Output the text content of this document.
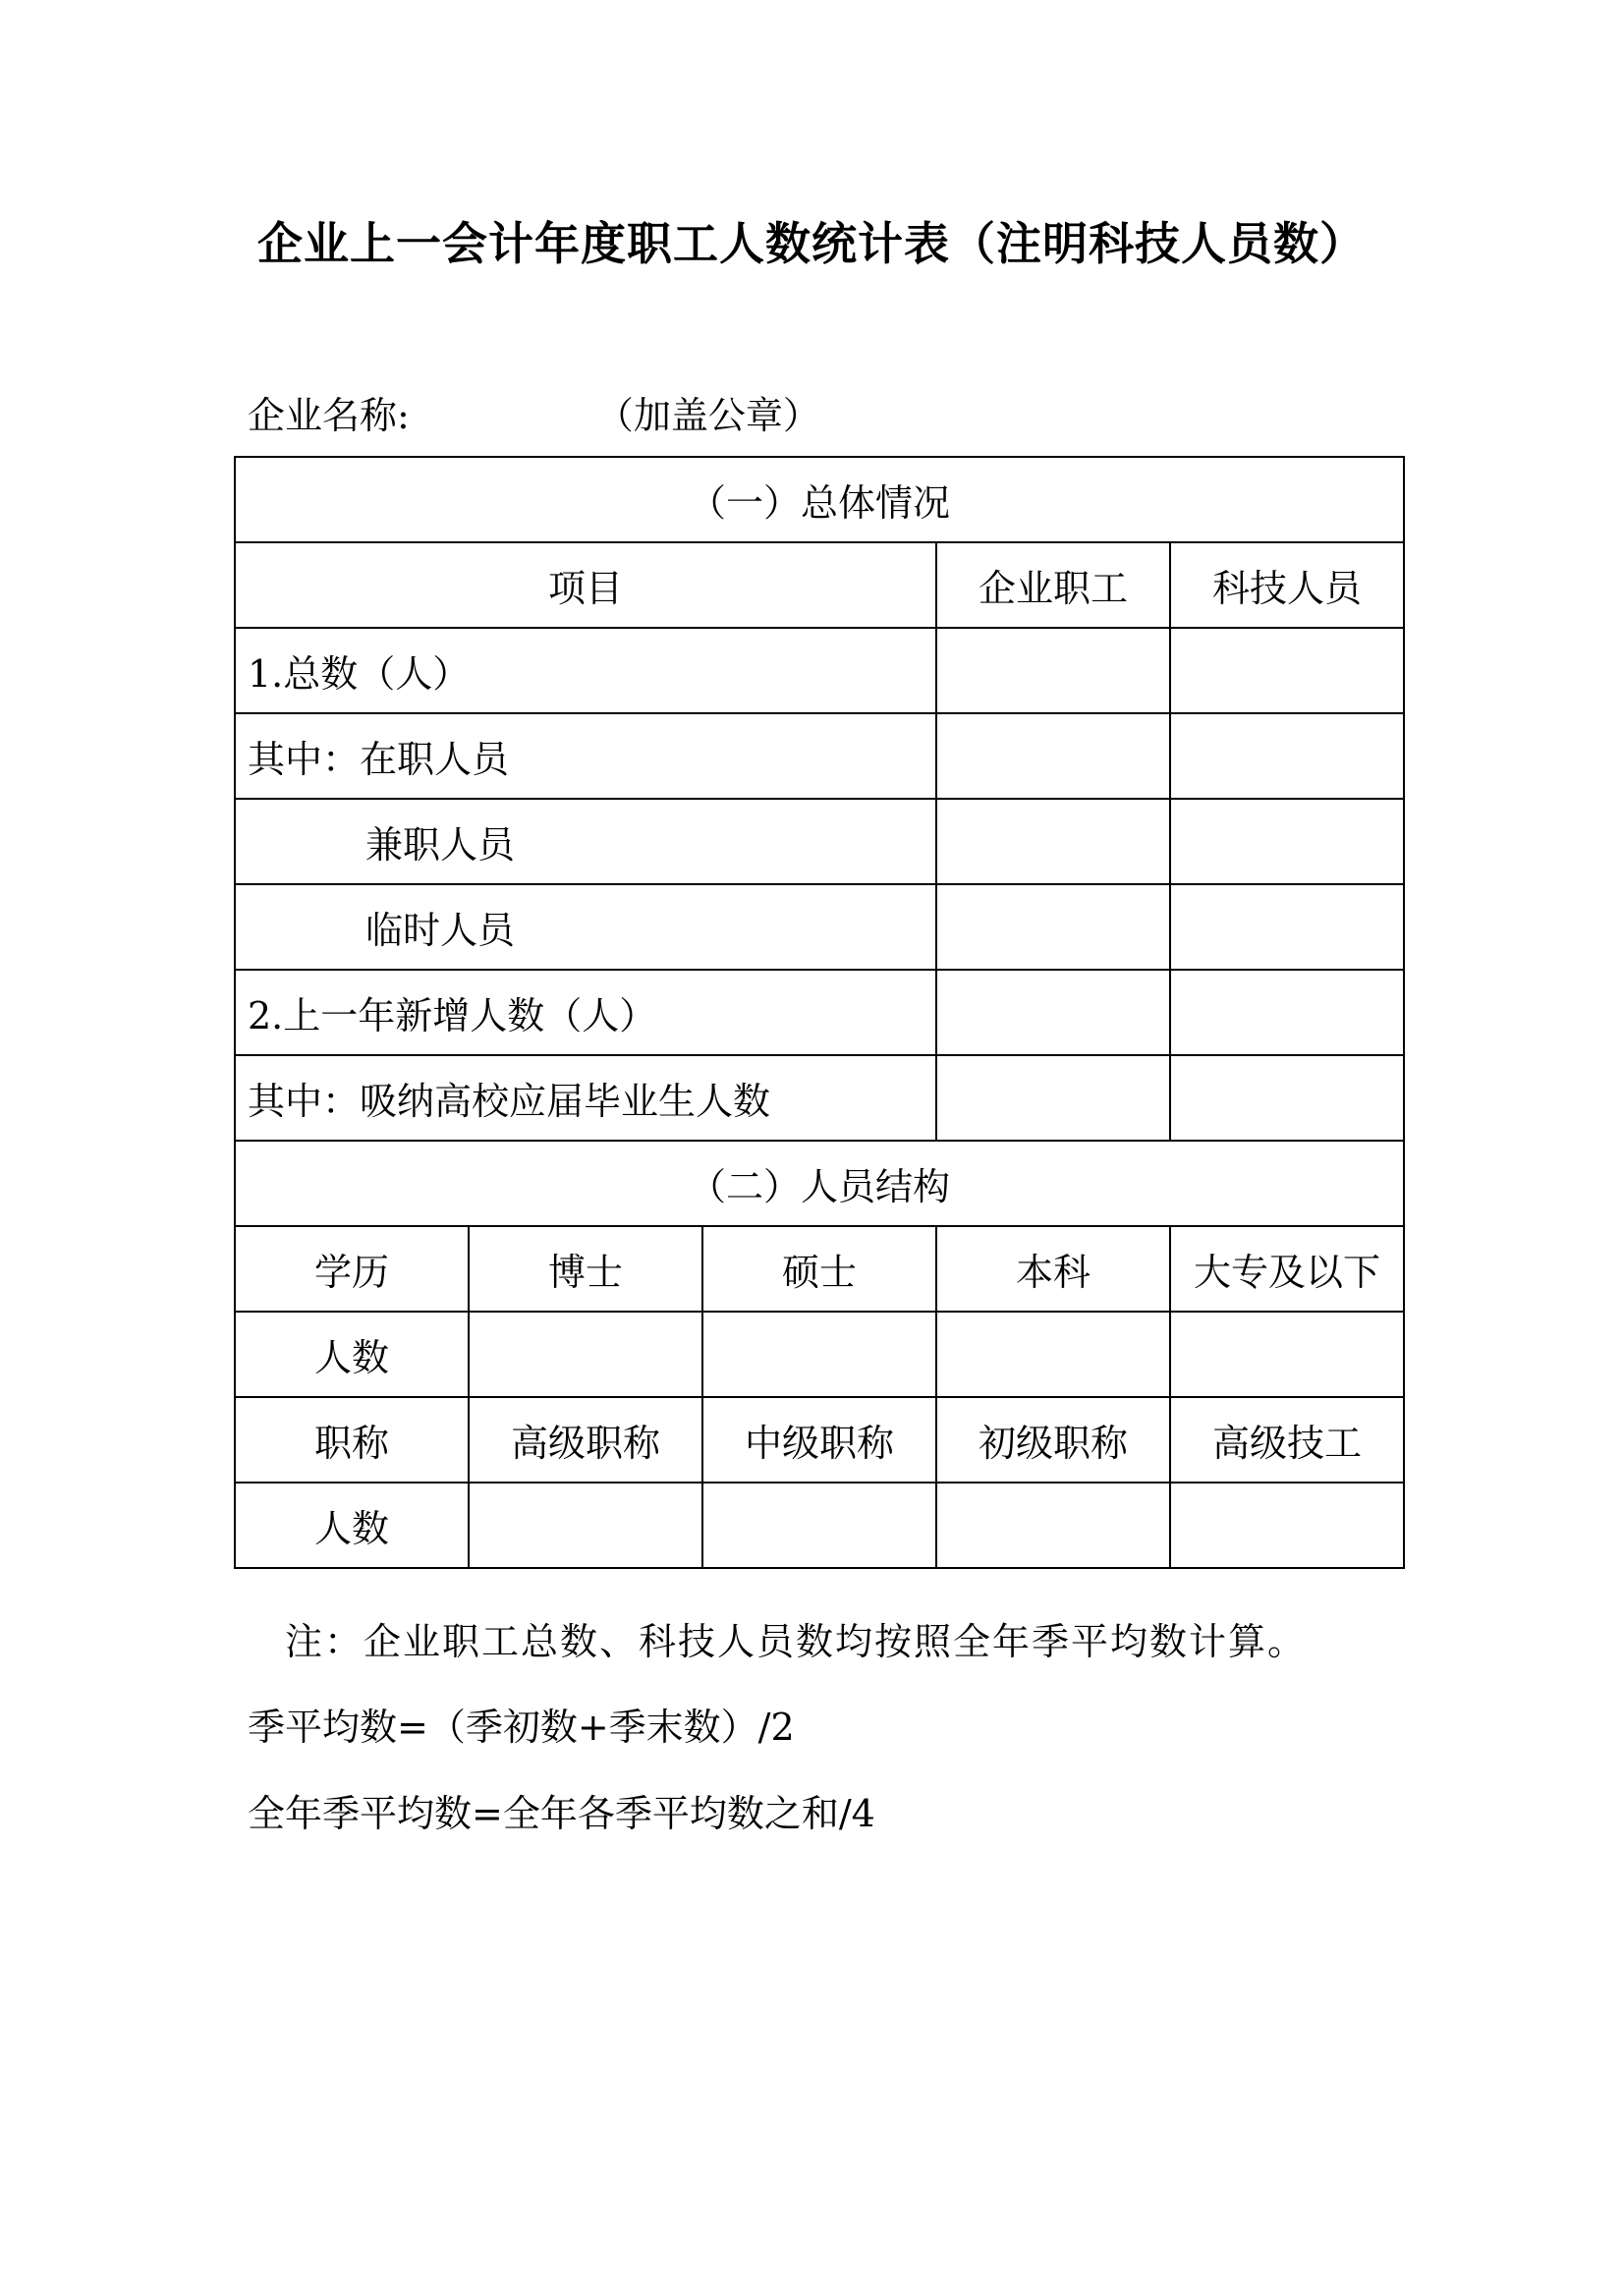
企业上一会计年度职工人数统计表（注明科技人员数）
企业名称:	（加盖公章）
（一）总体情况				
项目			企业职工	科技人员
1.总数（人）				
其中：在职人员				
兼职人员				
临时人员				
2.上一年新增人数（人）				
其中：吸纳高校应届毕业生人数				
（二）人员结构				
学历	博士	硕士	本科	大专及以下
人数				
职称	高级职称	中级职称	初级职称	高级技工
人数				
注：企业职工总数、科技人员数均按照全年季平均数计算。
季平均数=（季初数+季末数）/2
全年季平均数=全年各季平均数之和/4
